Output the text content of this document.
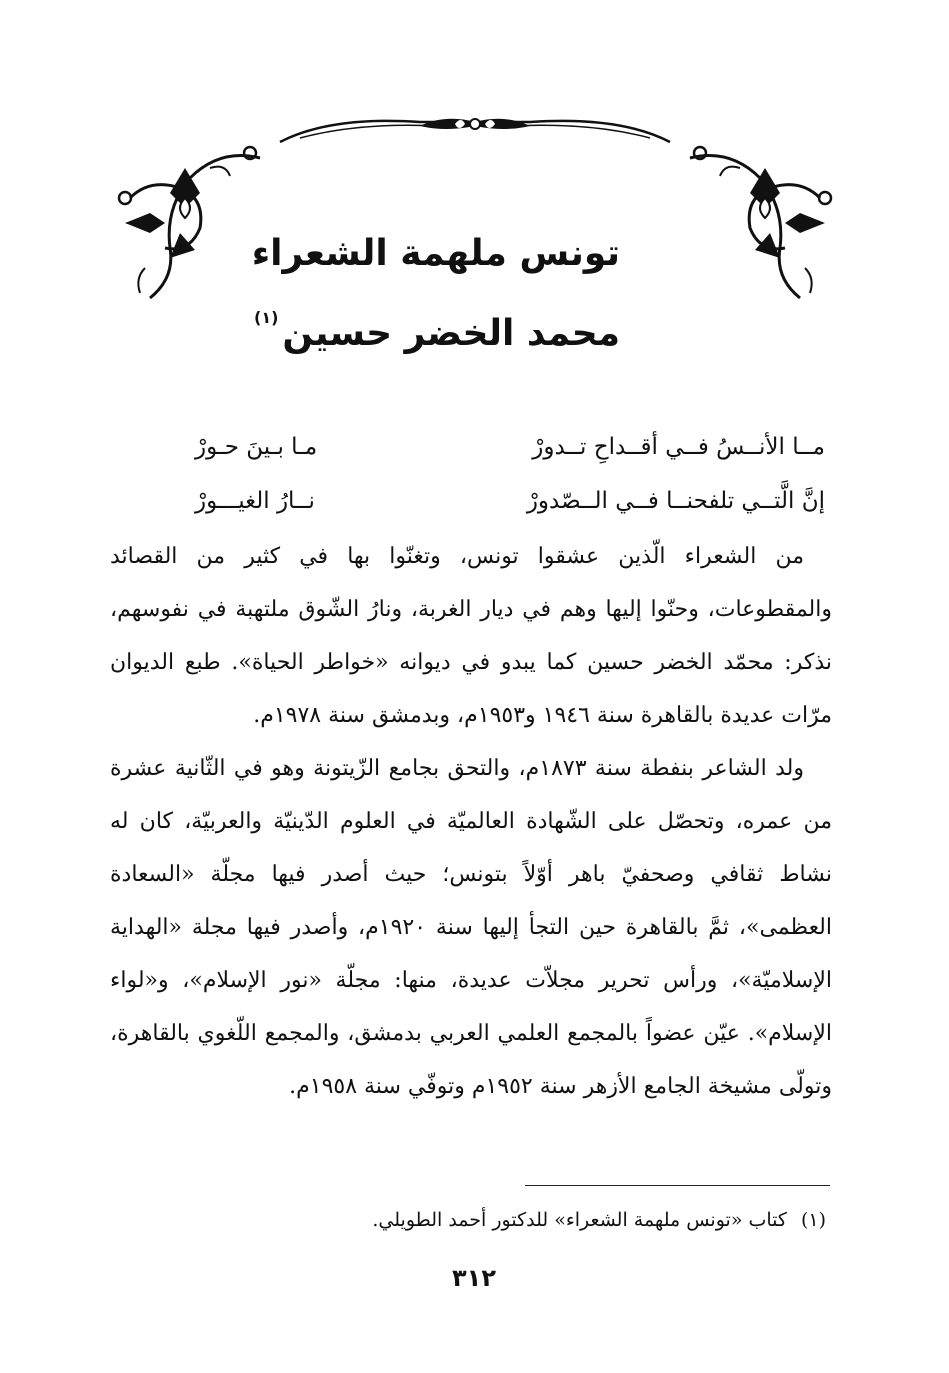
تونس ملهمة الشعراء
محمد الخضر حسين$^{(١)}$
مــا الأنــسُ فــي أقــداحِ تــدورْ
مـا بـينَ حـورْ
إنَّ الَّتــي تلفحنــا فــي الــصّدورْ
نــارُ الغيـــورْ

من الشعراء الّذين عشقوا تونس، وتغنّوا بها في كثير من القصائد والمقطوعات، وحنّوا إليها وهم في ديار الغربة، ونارُ الشّوق ملتهبة في نفوسهم، نذكر: محمّد الخضر حسين كما يبدو في ديوانه «خواطر الحياة». طبع الديوان مرّات عديدة بالقاهرة سنة ١٩٤٦ و١٩٥٣م، وبدمشق سنة ١٩٧٨م.

ولد الشاعر بنفطة سنة ١٨٧٣م، والتحق بجامع الزّيتونة وهو في الثّانية عشرة من عمره، وتحصّل على الشّهادة العالميّة في العلوم الدّينيّة والعربيّة، كان له نشاط ثقافي وصحفيّ باهر أوّلاً بتونس؛ حيث أصدر فيها مجلّة «السعادة العظمى»، ثمَّ بالقاهرة حين التجأ إليها سنة ١٩٢٠م، وأصدر فيها مجلة «الهداية الإسلاميّة»، ورأس تحرير مجلاّت عديدة، منها: مجلّة «نور الإسلام»، و«لواء الإسلام». عيّن عضواً بالمجمع العلمي العربي بدمشق، والمجمع اللّغوي بالقاهرة، وتولّى مشيخة الجامع الأزهر سنة ١٩٥٢م وتوفّي سنة ١٩٥٨م.

(١)كتاب «تونس ملهمة الشعراء» للدكتور أحمد الطويلي.
٣١٢
